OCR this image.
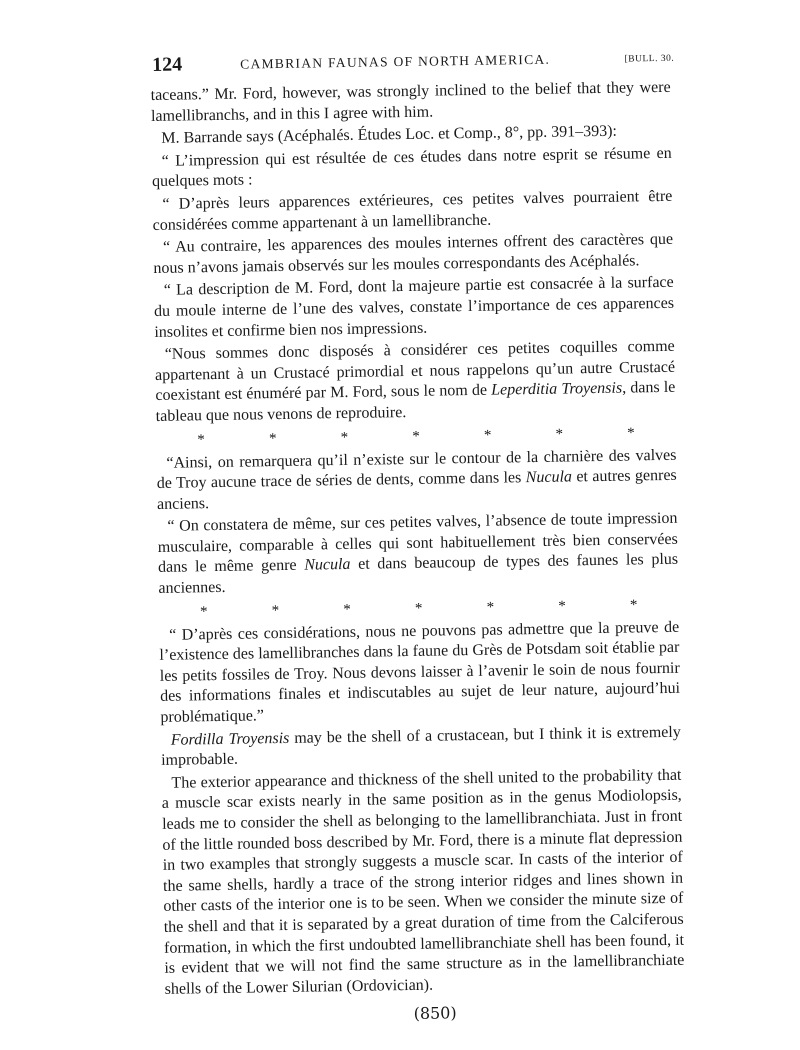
124	CAMBRIAN FAUNAS OF NORTH AMERICA.	[BULL. 30.

taceans.” Mr. Ford, however, was strongly inclined to the belief that they were lamellibranchs, and in this I agree with him.

M. Barrande says (Acéphalés. Études Loc. et Comp., 8°, pp. 391–393):

“ L’impression qui est résultée de ces études dans notre esprit se résume en quelques mots :

“ D’après leurs apparences extérieures, ces petites valves pourraient être considérées comme appartenant à un lamellibranche.

“ Au contraire, les apparences des moules internes offrent des caractères que nous n’avons jamais observés sur les moules correspondants des Acéphalés.

“ La description de M. Ford, dont la majeure partie est consacrée à la surface du moule interne de l’une des valves, constate l’importance de ces apparences insolites et confirme bien nos impressions.

“Nous sommes donc disposés à considérer ces petites coquilles comme appartenant à un Crustacé primordial et nous rappelons qu’un autre Crustacé coexistant est énuméré par M. Ford, sous le nom de Leperditia Troyensis, dans le tableau que nous venons de reproduire.

*	*	*	*	*	*	*

“Ainsi, on remarquera qu’il n’existe sur le contour de la charnière des valves de Troy aucune trace de séries de dents, comme dans les Nucula et autres genres anciens.

“ On constatera de même, sur ces petites valves, l’absence de toute impression musculaire, comparable à celles qui sont habituellement très bien conservées dans le même genre Nucula et dans beaucoup de types des faunes les plus anciennes.

*	*	*	*	*	*	*

“ D’après ces considérations, nous ne pouvons pas admettre que la preuve de l’existence des lamellibranches dans la faune du Grès de Potsdam soit établie par les petits fossiles de Troy. Nous devons laisser à l’avenir le soin de nous fournir des informations finales et indiscutables au sujet de leur nature, aujourd’hui problématique.”

Fordilla Troyensis may be the shell of a crustacean, but I think it is extremely improbable.

The exterior appearance and thickness of the shell united to the probability that a muscle scar exists nearly in the same position as in the genus Modiolopsis, leads me to consider the shell as belonging to the lamellibranchiata. Just in front of the little rounded boss described by Mr. Ford, there is a minute flat depression in two examples that strongly suggests a muscle scar. In casts of the interior of the same shells, hardly a trace of the strong interior ridges and lines shown in other casts of the interior one is to be seen. When we consider the minute size of the shell and that it is separated by a great duration of time from the Calciferous formation, in which the first undoubted lamellibranchiate shell has been found, it is evident that we will not find the same structure as in the lamellibranchiate shells of the Lower Silurian (Ordovician).

(850)
